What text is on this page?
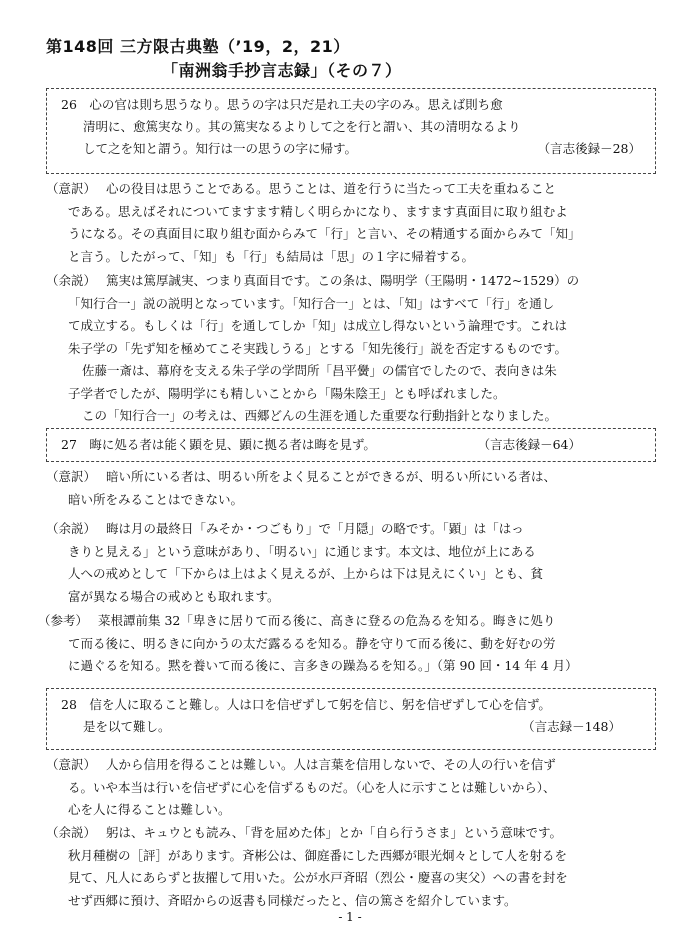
第148回 三方限古典塾（’19，2，21）
「南洲翁手抄言志録」（その７）
26　心の官は則ち思うなり。思うの字は只だ是れ工夫の字のみ。思えば則ち愈
清明に、愈篤実なり。其の篤実なるよりして之を行と謂い、其の清明なるより
して之を知と謂う。知行は一の思うの字に帰す。	（言志後録－28）
（意訳） 心の役目は思うことである。思うことは、道を行うに当たって工夫を重ねること
である。思えばそれについてますます精しく明らかになり、ますます真面目に取り組むよ
うになる。その真面目に取り組む面からみて「行」と言い、その精通する面からみて「知」
と言う。したがって、「知」も「行」も結局は「思」の１字に帰着する。
（余説） 篤実は篤厚誠実、つまり真面目です。この条は、陽明学（王陽明・1472~1529）の
「知行合一」説の説明となっています。「知行合一」とは、「知」はすべて「行」を通し
て成立する。もしくは「行」を通してしか「知」は成立し得ないという論理です。これは
朱子学の「先ず知を極めてこそ実践しうる」とする「知先後行」説を否定するものです。
佐藤一斎は、幕府を支える朱子学の学問所「昌平黌」の儒官でしたので、表向きは朱
子学者でしたが、陽明学にも精しいことから「陽朱陰王」とも呼ばれました。
この「知行合一」の考えは、西郷どんの生涯を通した重要な行動指針となりました。
27　晦に処る者は能く顕を見、顕に拠る者は晦を見ず。	（言志後録－64）
（意訳） 暗い所にいる者は、明るい所をよく見ることができるが、明るい所にいる者は、
暗い所をみることはできない。
（余説） 晦は月の最終日「みそか・つごもり」で「月隠」の略です。「顕」は「はっ
きりと見える」という意味があり、「明るい」に通じます。本文は、地位が上にある
人への戒めとして「下からは上はよく見えるが、上からは下は見えにくい」とも、貧
富が異なる場合の戒めとも取れます。
（参考） 菜根譚前集 32「卑きに居りて而る後に、高きに登るの危為るを知る。晦きに処り
て而る後に、明るきに向かうの太だ露るるを知る。静を守りて而る後に、動を好むの労
に過ぐるを知る。黙を養いて而る後に、言多きの躁為るを知る。」（第 90 回・14 年 4 月）
28　信を人に取ること難し。人は口を信ぜずして躬を信じ、躬を信ぜずして心を信ず。
是を以て難し。	（言志録－148）
（意訳） 人から信用を得ることは難しい。人は言葉を信用しないで、その人の行いを信ず
る。いや本当は行いを信ぜずに心を信ずるものだ。（心を人に示すことは難しいから）、
心を人に得ることは難しい。
（余説） 躬は、キュウとも読み、「背を屈めた体」とか「自ら行うさま」という意味です。
秋月種樹の［評］があります。斉彬公は、御庭番にした西郷が眼光炯々として人を射るを
見て、凡人にあらずと抜擢して用いた。公が水戸斉昭（烈公・慶喜の実父）への書を封を
せず西郷に預け、斉昭からの返書も同様だったと、信の篤さを紹介しています。
- 1 -
